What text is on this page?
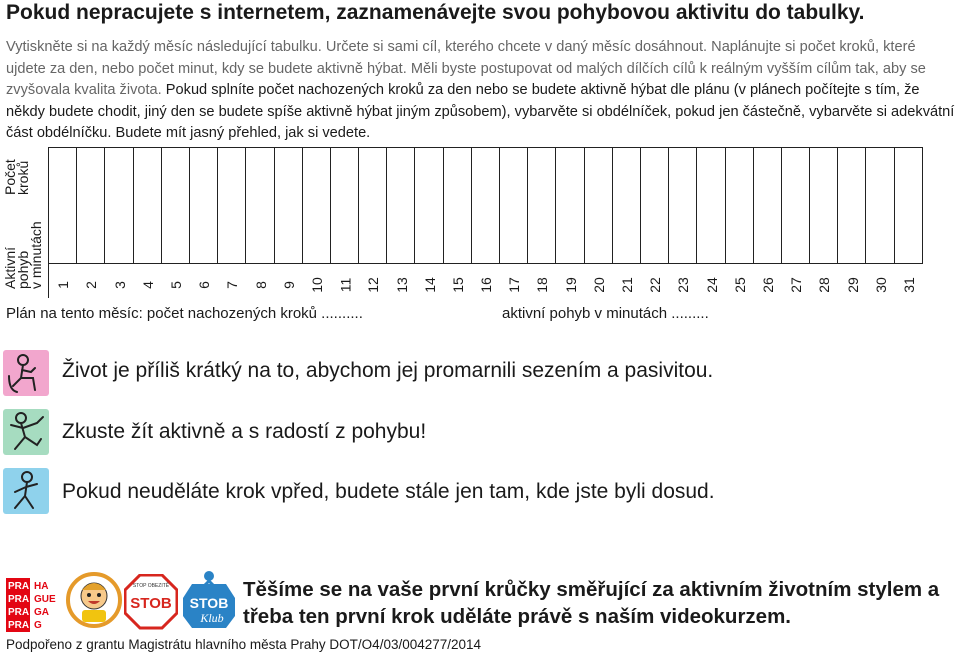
Pokud nepracujete s internetem, zaznamenávejte svou pohybovou aktivitu do tabulky.
Vytiskněte si na každý měsíc následující tabulku. Určete si sami cíl, kterého chcete v daný měsíc dosáhnout. Naplánujte si počet kroků, které ujdete za den, nebo počet minut, kdy se budete aktivně hýbat. Měli byste postupovat od malých dílčích cílů k reálným vyšším cílům tak, aby se zvyšovala kvalita života. Pokud splníte počet nachozených kroků za den nebo se budete aktivně hýbat dle plánu (v plánech počítejte s tím, že někdy budete chodit, jiný den se budete spíše aktivně hýbat jiným způsobem), vybarvěte si obdélníček, pokud jen částečně, vybarvěte si adekvátní část obdélníčku. Budete mít jasný přehled, jak si vedete.
Počet
kroků
Aktivní
pohyb
v minutách
1 2 3 4 5 6 7 8 9 10 11 12 13 14 15 16 17 18 19 20 21 22 23 24 25 26 27 28 29 30 31
Plán na tento měsíc: počet nachozených kroků ..........	aktivní pohyb v minutách .........
Život je příliš krátký na to, abychom jej promarnili sezením a pasivitou.
Zkuste žít aktivně a s radostí z pohybu!
Pokud neuděláte krok vpřed, budete stále jen tam, kde jste byli dosud.
PRA HA
PRA GUE
PRA GA
PRA G
STOP OBEZITĚ
STOB STOB
Klub
Těšíme se na vaše první krůčky směřující za aktivním životním stylem a třeba ten první krok uděláte právě s naším videokurzem.
Podpořeno z grantu Magistrátu hlavního města Prahy DOT/O4/03/004277/2014
